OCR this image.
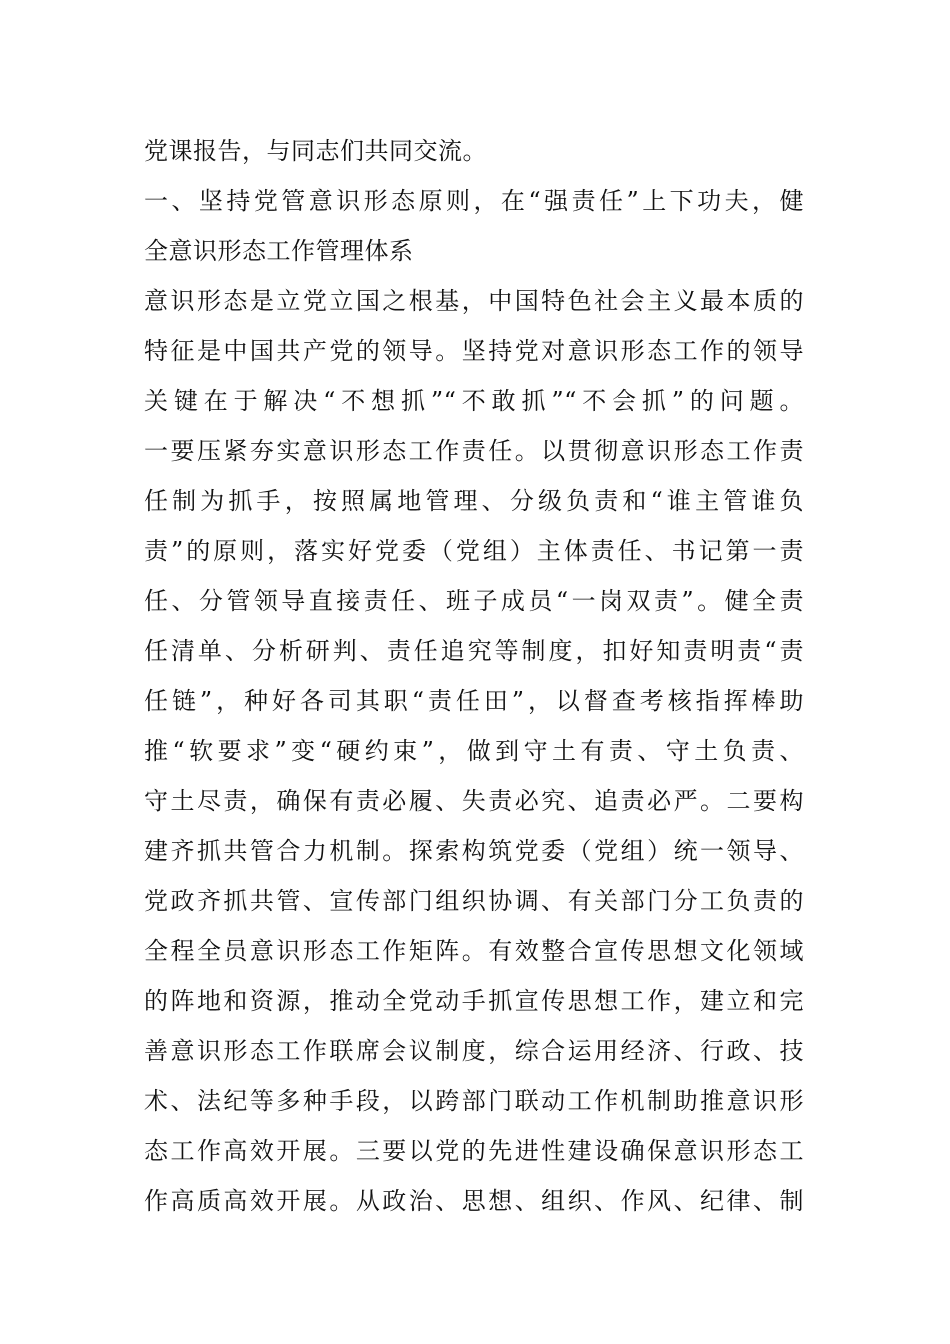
党课报告，与同志们共同交流。
一、坚持党管意识形态原则，在“强责任”上下功夫，健
全意识形态工作管理体系
意识形态是立党立国之根基，中国特色社会主义最本质的
特征是中国共产党的领导。坚持党对意识形态工作的领导
关键在于解决“不想抓”“不敢抓”“不会抓”的问题。
一要压紧夯实意识形态工作责任。以贯彻意识形态工作责
任制为抓手，按照属地管理、分级负责和“谁主管谁负
责”的原则，落实好党委（党组）主体责任、书记第一责
任、分管领导直接责任、班子成员“一岗双责”。健全责
任清单、分析研判、责任追究等制度，扣好知责明责“责
任链”，种好各司其职“责任田”，以督查考核指挥棒助
推“软要求”变“硬约束”，做到守土有责、守土负责、
守土尽责，确保有责必履、失责必究、追责必严。二要构
建齐抓共管合力机制。探索构筑党委（党组）统一领导、
党政齐抓共管、宣传部门组织协调、有关部门分工负责的
全程全员意识形态工作矩阵。有效整合宣传思想文化领域
的阵地和资源，推动全党动手抓宣传思想工作，建立和完
善意识形态工作联席会议制度，综合运用经济、行政、技
术、法纪等多种手段，以跨部门联动工作机制助推意识形
态工作高效开展。三要以党的先进性建设确保意识形态工
作高质高效开展。从政治、思想、组织、作风、纪律、制
